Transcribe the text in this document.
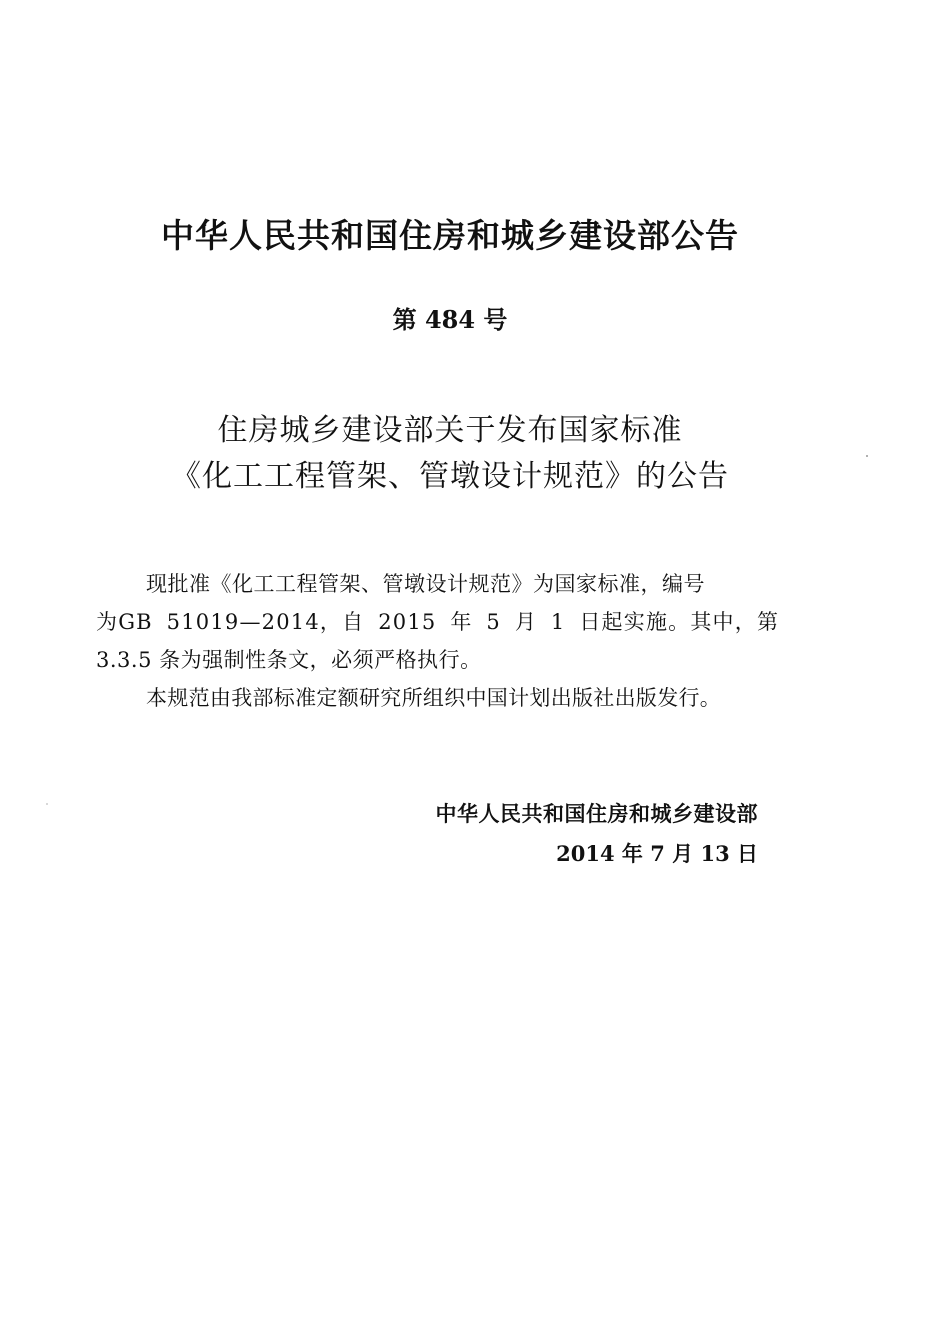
中华人民共和国住房和城乡建设部公告
第 484 号
住房城乡建设部关于发布国家标准
《化工工程管架、管墩设计规范》的公告
现批准《化工工程管架、管墩设计规范》为国家标准，编号
为GB 51019—2014，自 2015 年 5 月 1 日起实施。其中，第
3.3.5 条为强制性条文，必须严格执行。
本规范由我部标准定额研究所组织中国计划出版社出版发行。
中华人民共和国住房和城乡建设部
2014 年 7 月 13 日
